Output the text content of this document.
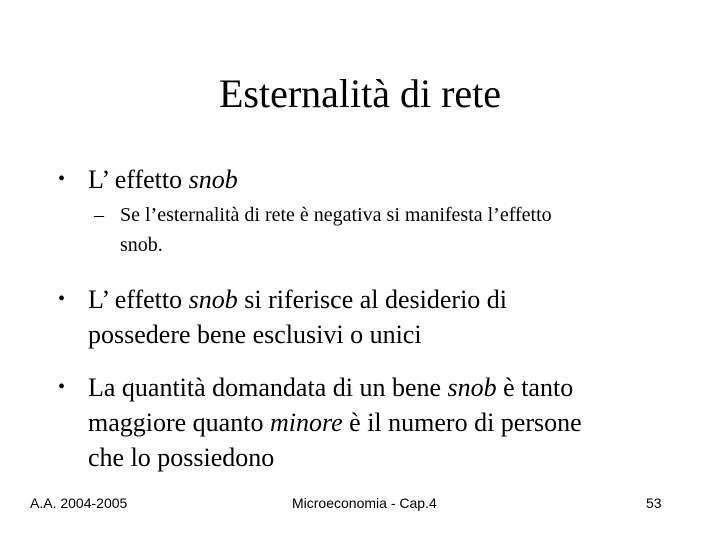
Esternalità di rete
• L’ effetto snob
– Se l’esternalità di rete è negativa si manifesta l’effetto
snob.
• L’ effetto snob si riferisce al desiderio di
possedere bene esclusivi o unici
• La quantità domandata di un bene snob è tanto
maggiore quanto minore è il numero di persone
che lo possiedono
A.A. 2004-2005	Microeconomia - Cap.4	53
